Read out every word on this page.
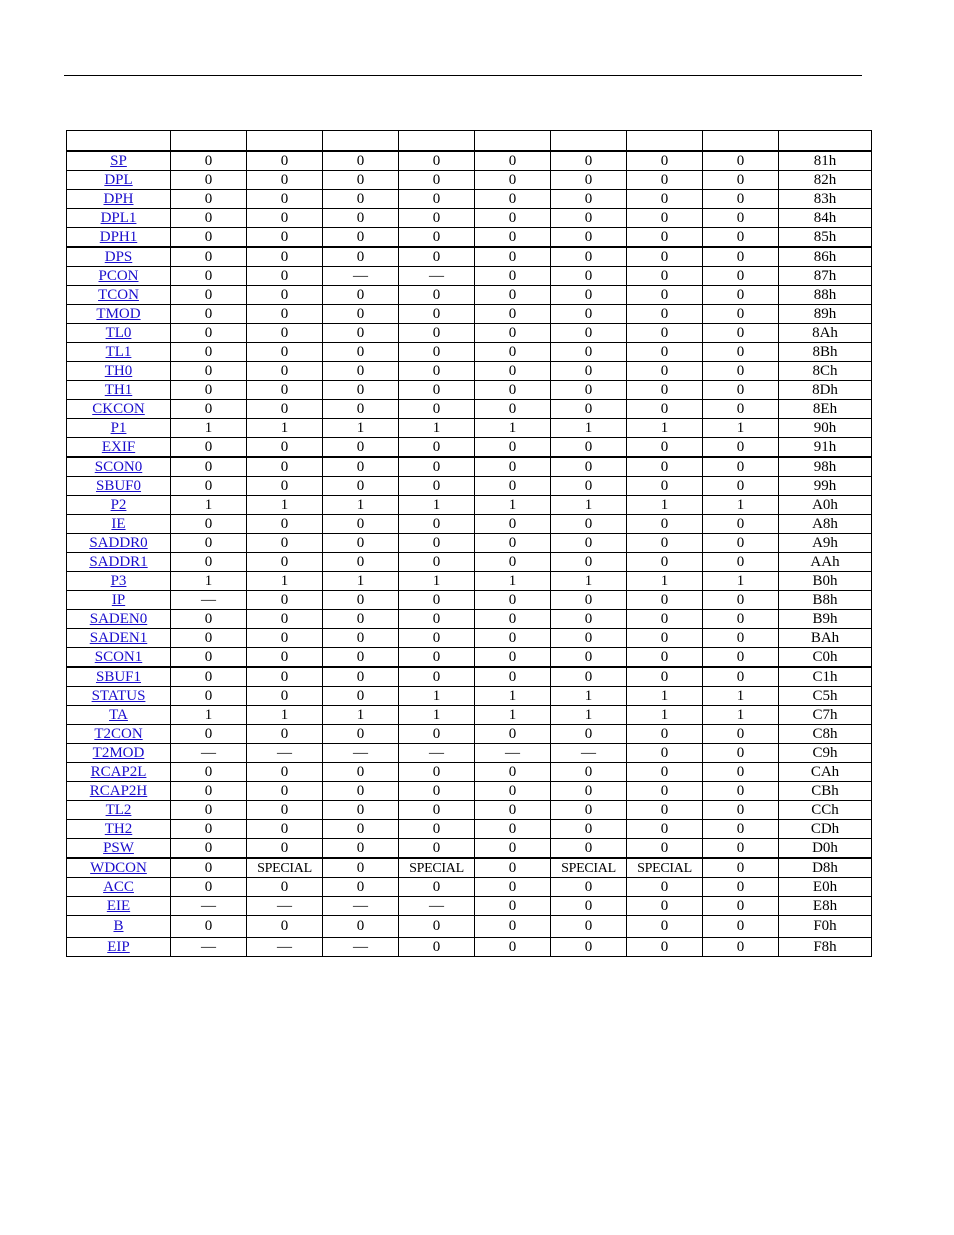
SP	0	0	0	0	0	0	0	0	81h
DPL	0	0	0	0	0	0	0	0	82h
DPH	0	0	0	0	0	0	0	0	83h
DPL1	0	0	0	0	0	0	0	0	84h
DPH1	0	0	0	0	0	0	0	0	85h
DPS	0	0	0	0	0	0	0	0	86h
PCON	0	0	—	—	0	0	0	0	87h
TCON	0	0	0	0	0	0	0	0	88h
TMOD	0	0	0	0	0	0	0	0	89h
TL0	0	0	0	0	0	0	0	0	8Ah
TL1	0	0	0	0	0	0	0	0	8Bh
TH0	0	0	0	0	0	0	0	0	8Ch
TH1	0	0	0	0	0	0	0	0	8Dh
CKCON	0	0	0	0	0	0	0	0	8Eh
P1	1	1	1	1	1	1	1	1	90h
EXIF	0	0	0	0	0	0	0	0	91h
SCON0	0	0	0	0	0	0	0	0	98h
SBUF0	0	0	0	0	0	0	0	0	99h
P2	1	1	1	1	1	1	1	1	A0h
IE	0	0	0	0	0	0	0	0	A8h
SADDR0	0	0	0	0	0	0	0	0	A9h
SADDR1	0	0	0	0	0	0	0	0	AAh
P3	1	1	1	1	1	1	1	1	B0h
IP	—	0	0	0	0	0	0	0	B8h
SADEN0	0	0	0	0	0	0	0	0	B9h
SADEN1	0	0	0	0	0	0	0	0	BAh
SCON1	0	0	0	0	0	0	0	0	C0h
SBUF1	0	0	0	0	0	0	0	0	C1h
STATUS	0	0	0	1	1	1	1	1	C5h
TA	1	1	1	1	1	1	1	1	C7h
T2CON	0	0	0	0	0	0	0	0	C8h
T2MOD	—	—	—	—	—	—	0	0	C9h
RCAP2L	0	0	0	0	0	0	0	0	CAh
RCAP2H	0	0	0	0	0	0	0	0	CBh
TL2	0	0	0	0	0	0	0	0	CCh
TH2	0	0	0	0	0	0	0	0	CDh
PSW	0	0	0	0	0	0	0	0	D0h
WDCON	0	SPECIAL	0	SPECIAL	0	SPECIAL	SPECIAL	0	D8h
ACC	0	0	0	0	0	0	0	0	E0h
EIE	—	—	—	—	0	0	0	0	E8h
B	0	0	0	0	0	0	0	0	F0h
EIP	—	—	—	0	0	0	0	0	F8h
